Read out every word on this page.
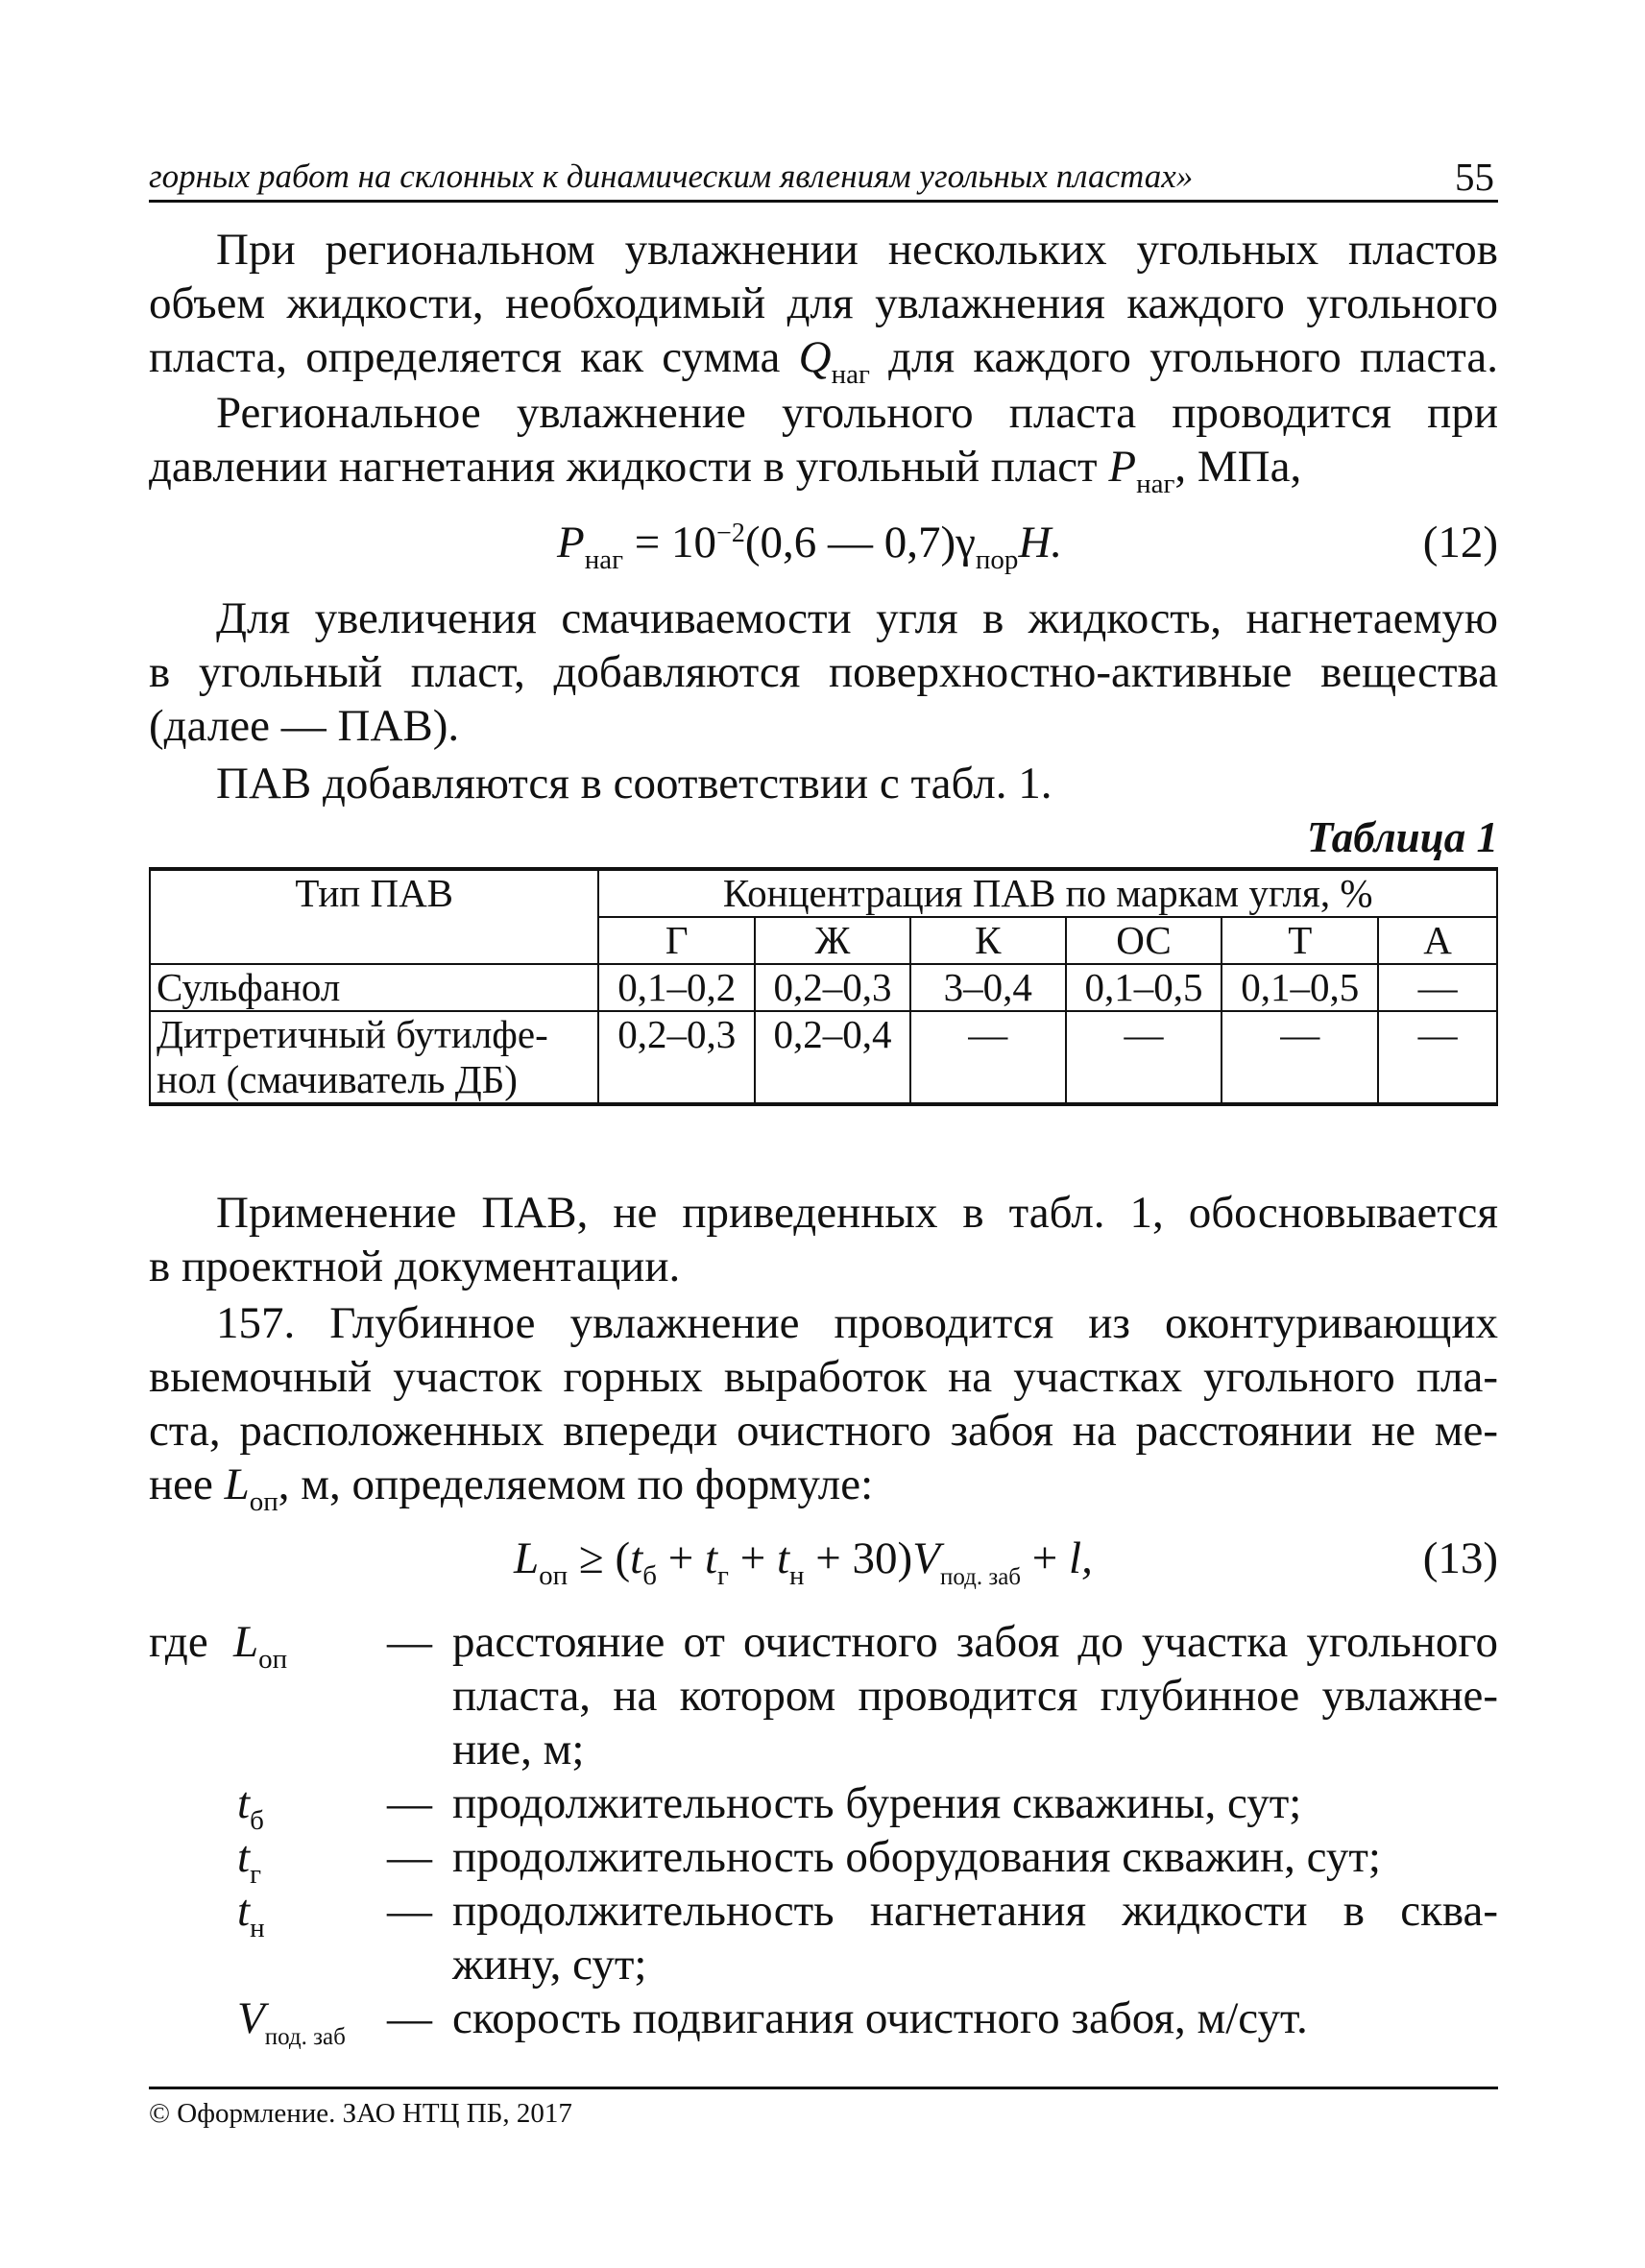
горных работ на склонных к динамическим явлениям угольных пластах»	55
При региональном увлажнении нескольких угольных пластов
объем жидкости, необходимый для увлажнения каждого угольного
пласта, определяется как сумма $Q_{наг}$ для каждого угольного пласта.
Региональное увлажнение угольного пласта проводится при
давлении нагнетания жидкости в угольный пласт $P_{наг}$, МПа,
$P_{наг} = 10^{-2}(0,6$ — $0,7)\gamma_{пор}H$.	(12)
Для увеличения смачиваемости угля в жидкость, нагнетаемую
в угольный пласт, добавляются поверхностно-активные вещества
(далее — ПАВ).
ПАВ добавляются в соответствии с табл. 1.
Таблица 1
Тип ПАВ	Концентрация ПАВ по маркам угля, %					
	Г	Ж	К	ОС	Т	А
Сульфанол	0,1–0,2	0,2–0,3	3–0,4	0,1–0,5	0,1–0,5	—

Дитретичный бутилфе-
нол (смачиватель ДБ)	0,2–0,3	0,2–0,4	—	—	—	—
Применение ПАВ, не приведенных в табл. 1, обосновывается
в проектной документации.
157. Глубинное увлажнение проводится из оконтуривающих
выемочный участок горных выработок на участках угольного пла-
ста, расположенных впереди очистного забоя на расстоянии не ме-
нее $L_{оп}$, м, определяемом по формуле:
$L_{оп} \ge (t_б + t_г + t_н + 30)V_{под. заб} + l$,	(13)
где $L_{оп}$ — расстояние от очистного забоя до участка угольного
пласта, на котором проводится глубинное увлажне-
ние, м;
$t_б$	— продолжительность бурения скважины, сут;
$t_г$	— продолжительность оборудования скважин, сут;
$t_н$	— продолжительность нагнетания жидкости в сква-
жину, сут;
$V_{под. заб}$ — скорость подвигания очистного забоя, м/сут.
© Оформление. ЗАО НТЦ ПБ, 2017
